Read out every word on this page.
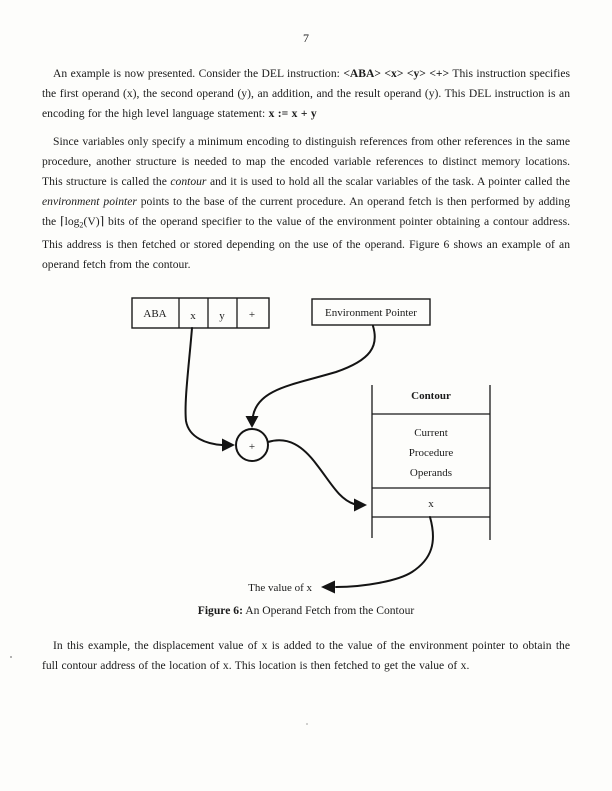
7

An example is now presented. Consider the DEL instruction: <ABA> <x> <y> <+> This instruction specifies the first operand (x), the second operand (y), an addition, and the result operand (y). This DEL instruction is an encoding for the high level language statement: x := x + y

Since variables only specify a minimum encoding to distinguish references from other references in the same procedure, another structure is needed to map the encoded variable references to distinct memory locations. This structure is called the contour and it is used to hold all the scalar variables of the task. A pointer called the environment pointer points to the base of the current procedure. An operand fetch is then performed by adding the ⌈log2(V)⌉ bits of the operand specifier to the value of the environment pointer obtaining a contour address. This address is then fetched or stored depending on the use of the operand. Figure 6 shows an example of an operand fetch from the contour.

ABA x y +	Environment Pointer
Contour
Current
Procedure
Operands
x
+
The value of x
Figure 6: An Operand Fetch from the Contour

In this example, the displacement value of x is added to the value of the environment pointer to obtain the full contour address of the location of x. This location is then fetched to get the value of x.
